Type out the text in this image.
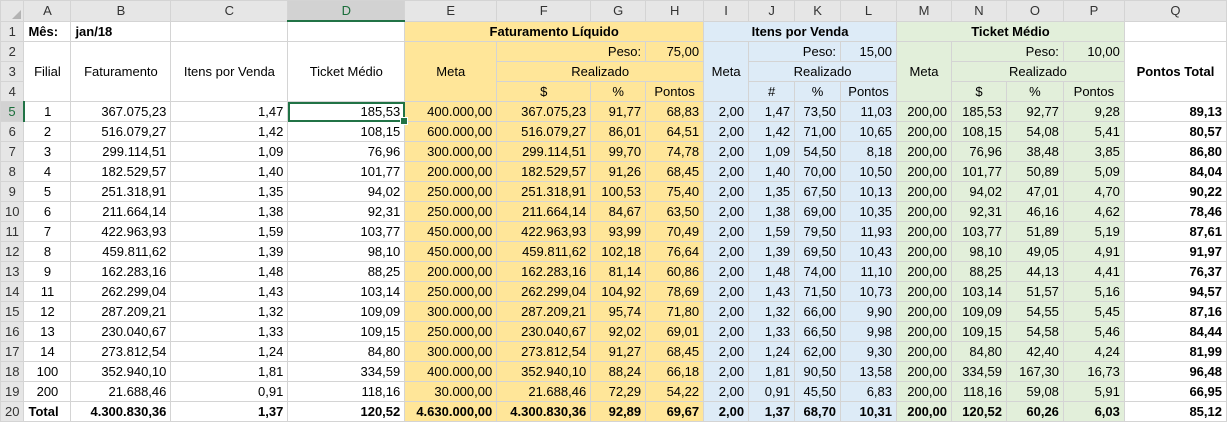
	A	B	C	D	E	F	G	H	I	J	K	L	M	N	O	P	Q
1	Mês:	jan/18			Faturamento Líquido				Itens por Venda				Ticket Médio				
2	Filial	Faturamento	Itens por Venda	Ticket Médio	Meta	Peso:		75,00	Meta	Peso:		15,00	Meta	Peso:		10,00	Pontos Total
3						Realizado				Realizado				Realizado			
4						$	%	Pontos		#	%	Pontos		$	%	Pontos	
5	1	367.075,23	1,47	185,53	400.000,00	367.075,23	91,77	68,83	2,00	1,47	73,50	11,03	200,00	185,53	92,77	9,28	89,13
6	2	516.079,27	1,42	108,15	600.000,00	516.079,27	86,01	64,51	2,00	1,42	71,00	10,65	200,00	108,15	54,08	5,41	80,57
7	3	299.114,51	1,09	76,96	300.000,00	299.114,51	99,70	74,78	2,00	1,09	54,50	8,18	200,00	76,96	38,48	3,85	86,80
8	4	182.529,57	1,40	101,77	200.000,00	182.529,57	91,26	68,45	2,00	1,40	70,00	10,50	200,00	101,77	50,89	5,09	84,04
9	5	251.318,91	1,35	94,02	250.000,00	251.318,91	100,53	75,40	2,00	1,35	67,50	10,13	200,00	94,02	47,01	4,70	90,22
10	6	211.664,14	1,38	92,31	250.000,00	211.664,14	84,67	63,50	2,00	1,38	69,00	10,35	200,00	92,31	46,16	4,62	78,46
11	7	422.963,93	1,59	103,77	450.000,00	422.963,93	93,99	70,49	2,00	1,59	79,50	11,93	200,00	103,77	51,89	5,19	87,61
12	8	459.811,62	1,39	98,10	450.000,00	459.811,62	102,18	76,64	2,00	1,39	69,50	10,43	200,00	98,10	49,05	4,91	91,97
13	9	162.283,16	1,48	88,25	200.000,00	162.283,16	81,14	60,86	2,00	1,48	74,00	11,10	200,00	88,25	44,13	4,41	76,37
14	11	262.299,04	1,43	103,14	250.000,00	262.299,04	104,92	78,69	2,00	1,43	71,50	10,73	200,00	103,14	51,57	5,16	94,57
15	12	287.209,21	1,32	109,09	300.000,00	287.209,21	95,74	71,80	2,00	1,32	66,00	9,90	200,00	109,09	54,55	5,45	87,16
16	13	230.040,67	1,33	109,15	250.000,00	230.040,67	92,02	69,01	2,00	1,33	66,50	9,98	200,00	109,15	54,58	5,46	84,44
17	14	273.812,54	1,24	84,80	300.000,00	273.812,54	91,27	68,45	2,00	1,24	62,00	9,30	200,00	84,80	42,40	4,24	81,99
18	100	352.940,10	1,81	334,59	400.000,00	352.940,10	88,24	66,18	2,00	1,81	90,50	13,58	200,00	334,59	167,30	16,73	96,48
19	200	21.688,46	0,91	118,16	30.000,00	21.688,46	72,29	54,22	2,00	0,91	45,50	6,83	200,00	118,16	59,08	5,91	66,95
20	Total	4.300.830,36	1,37	120,52	4.630.000,00	4.300.830,36	92,89	69,67	2,00	1,37	68,70	10,31	200,00	120,52	60,26	6,03	85,12
